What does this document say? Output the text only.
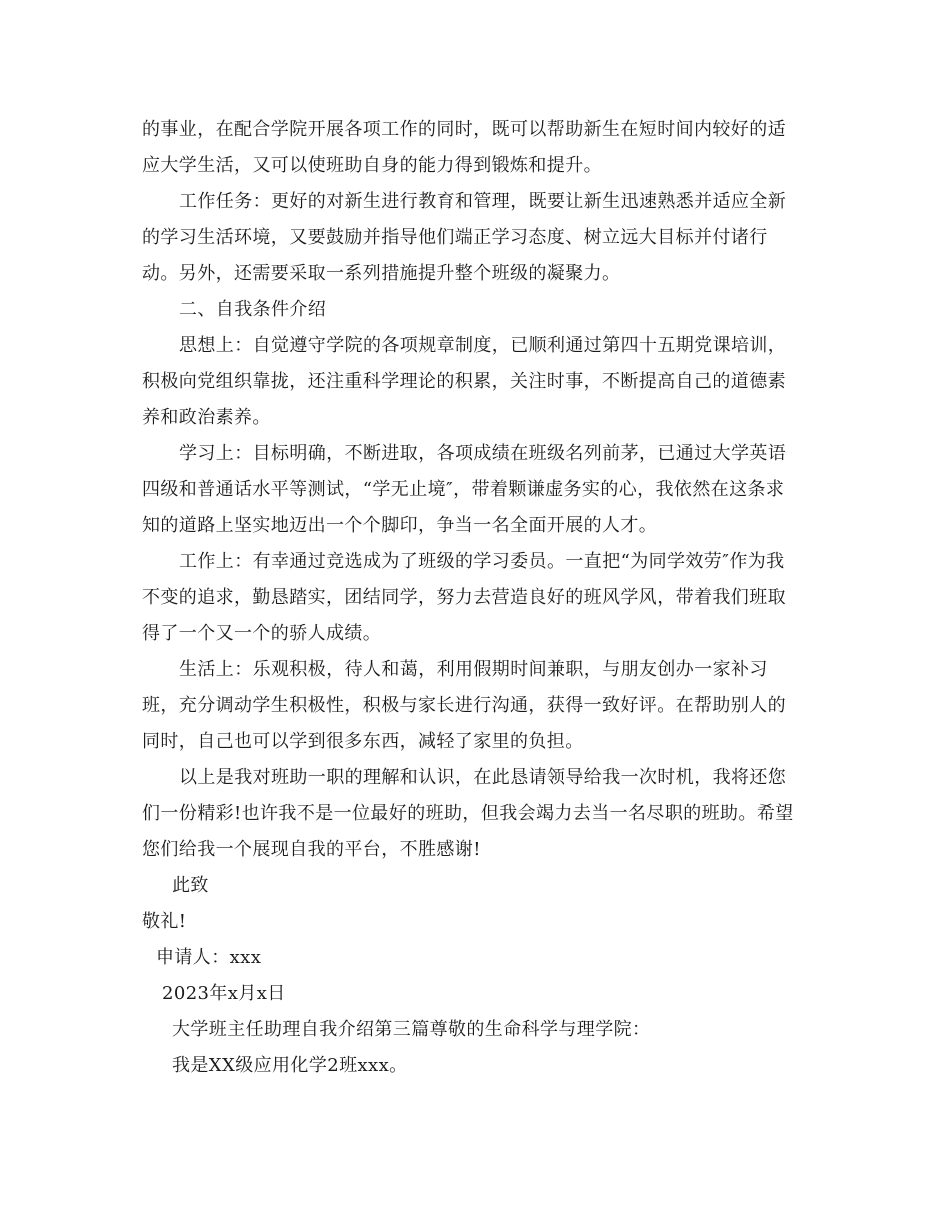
的事业，在配合学院开展各项工作的同时，既可以帮助新生在短时间内较好的适
应大学生活，又可以使班助自身的能力得到锻炼和提升。
工作任务：更好的对新生进行教育和管理，既要让新生迅速熟悉并适应全新
的学习生活环境，又要鼓励并指导他们端正学习态度、树立远大目标并付诸行
动。另外，还需要采取一系列措施提升整个班级的凝聚力。
二、自我条件介绍
思想上：自觉遵守学院的各项规章制度，已顺利通过第四十五期党课培训，
积极向党组织靠拢，还注重科学理论的积累，关注时事，不断提高自己的道德素
养和政治素养。
学习上：目标明确，不断进取，各项成绩在班级名列前茅，已通过大学英语
四级和普通话水平等测试，“学无止境″，带着颗谦虚务实的心，我依然在这条求
知的道路上坚实地迈出一个个脚印，争当一名全面开展的人才。
工作上：有幸通过竞选成为了班级的学习委员。一直把“为同学效劳″作为我
不变的追求，勤恳踏实，团结同学，努力去营造良好的班风学风，带着我们班取
得了一个又一个的骄人成绩。
生活上：乐观积极，待人和蔼，利用假期时间兼职，与朋友创办一家补习
班，充分调动学生积极性，积极与家长进行沟通，获得一致好评。在帮助别人的
同时，自己也可以学到很多东西，减轻了家里的负担。
以上是我对班助一职的理解和认识，在此恳请领导给我一次时机，我将还您
们一份精彩!也许我不是一位最好的班助，但我会竭力去当一名尽职的班助。希望
您们给我一个展现自我的平台，不胜感谢!
此致
敬礼!
申请人：xxx
2023年x月x日
大学班主任助理自我介绍第三篇尊敬的生命科学与理学院：
我是XX级应用化学2班xxx。
